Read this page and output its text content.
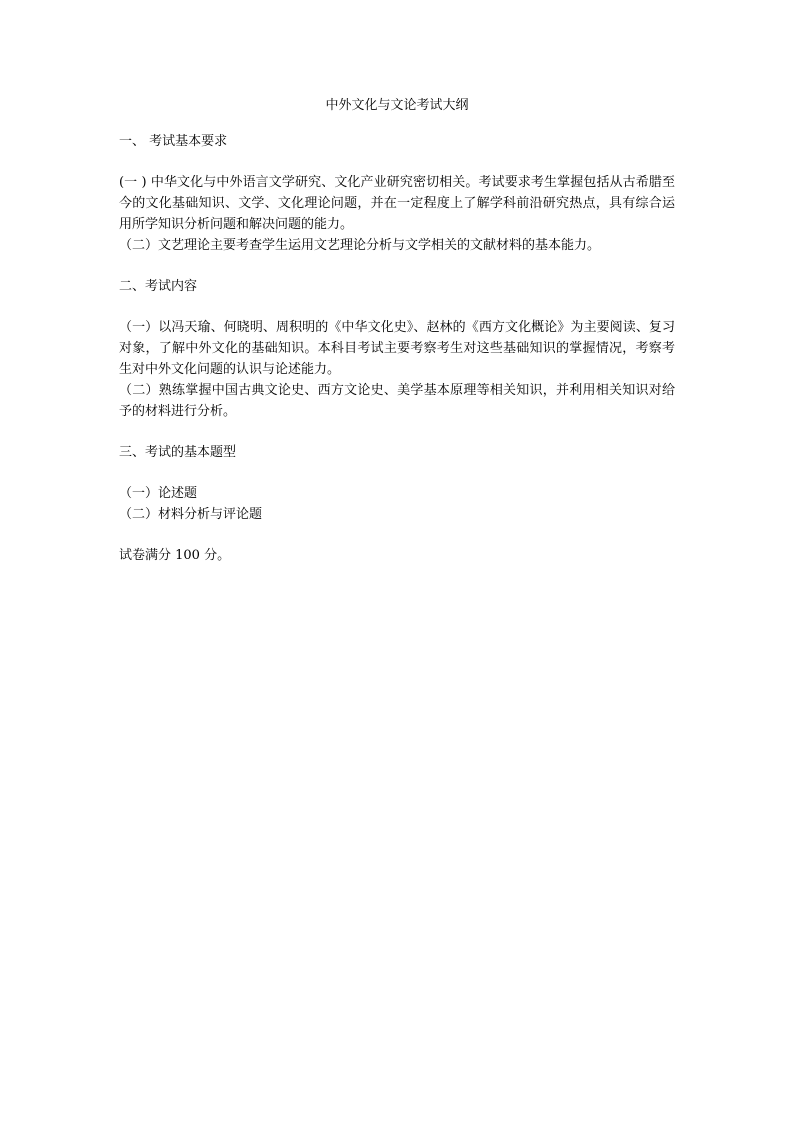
中外文化与文论考试大纲

一、 考试基本要求

(一 ) 中华文化与中外语言文学研究、文化产业研究密切相关。考试要求考生掌握包括从古希腊至今的文化基础知识、文学、文化理论问题，并在一定程度上了解学科前沿研究热点，具有综合运用所学知识分析问题和解决问题的能力。

（二）文艺理论主要考查学生运用文艺理论分析与文学相关的文献材料的基本能力。

二、考试内容

（一）以冯天瑜、何晓明、周积明的《中华文化史》、赵林的《西方文化概论》为主要阅读、复习对象，了解中外文化的基础知识。本科目考试主要考察考生对这些基础知识的掌握情况，考察考生对中外文化问题的认识与论述能力。

（二）熟练掌握中国古典文论史、西方文论史、美学基本原理等相关知识，并利用相关知识对给予的材料进行分析。

三、考试的基本题型

（一）论述题

（二）材料分析与评论题

试卷满分 100 分。
